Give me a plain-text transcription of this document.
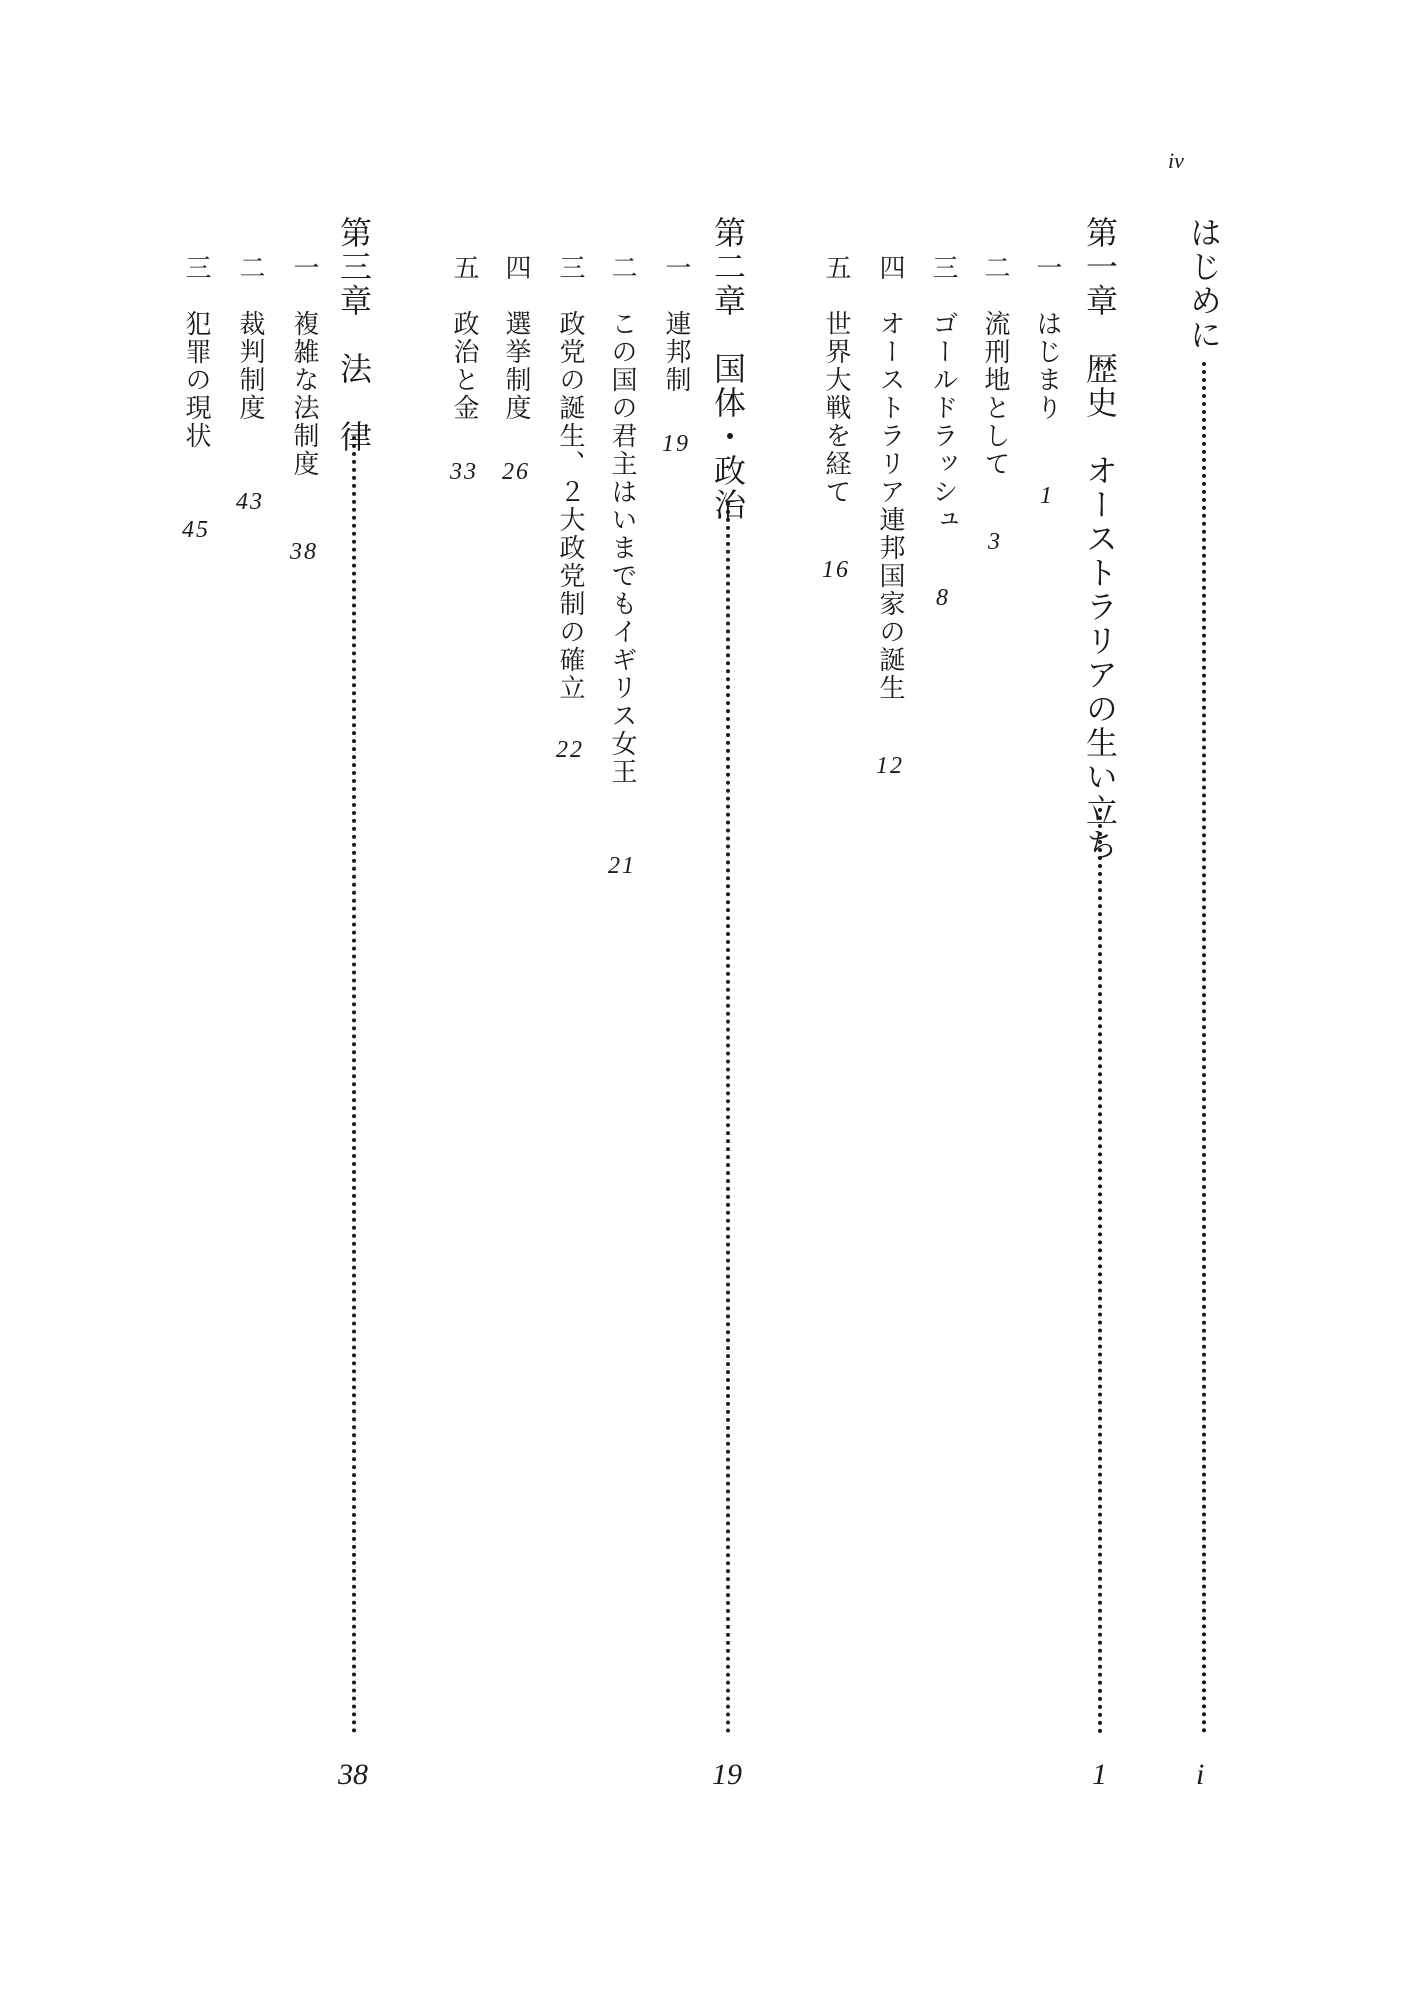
iv
はじめに
i
第一章　歴史　オーストラリアの生い立ち
1
一　はじまり　1
二　流刑地として　3
三　ゴールドラッシュ　8
四　オーストラリア連邦国家の誕生　12
五　世界大戦を経て　16
第二章　国体・政治
19
一　連邦制　19
二　この国の君主はいまでもイギリス女王　21
三　政党の誕生、２大政党制の確立　22
四　選挙制度　26
五　政治と金　33
第三章　法　律
38
一　複雑な法制度　38
二　裁判制度　43
三　犯罪の現状　45
